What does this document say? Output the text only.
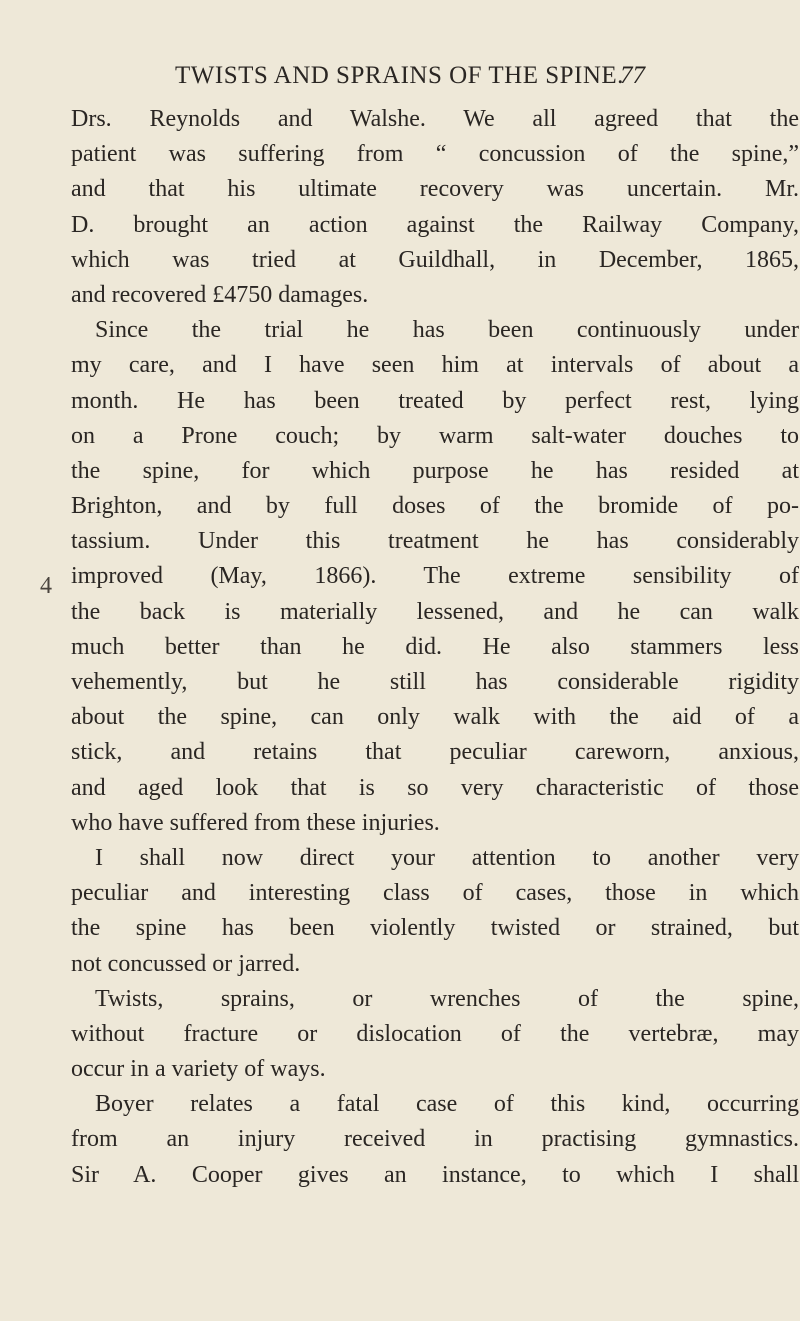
TWISTS AND SPRAINS OF THE SPINE.
77
4
Drs. Reynolds and Walshe. We all agreed that the
patient was suffering from “ concussion of the spine,”
and that his ultimate recovery was uncertain. Mr.
D. brought an action against the Railway Company,
which was tried at Guildhall, in December, 1865,
and recovered £4750 damages.
Since the trial he has been continuously under
my care, and I have seen him at intervals of about a
month. He has been treated by perfect rest, lying
on a Prone couch; by warm salt-water douches to
the spine, for which purpose he has resided at
Brighton, and by full doses of the bromide of po-
tassium. Under this treatment he has considerably
improved (May, 1866). The extreme sensibility of
the back is materially lessened, and he can walk
much better than he did. He also stammers less
vehemently, but he still has considerable rigidity
about the spine, can only walk with the aid of a
stick, and retains that peculiar careworn, anxious,
and aged look that is so very characteristic of those
who have suffered from these injuries.
I shall now direct your attention to another very
peculiar and interesting class of cases, those in which
the spine has been violently twisted or strained, but
not concussed or jarred.
Twists, sprains, or wrenches of the spine,
without fracture or dislocation of the vertebræ, may
occur in a variety of ways.
Boyer relates a fatal case of this kind, occurring
from an injury received in practising gymnastics.
Sir A. Cooper gives an instance, to which I shall
